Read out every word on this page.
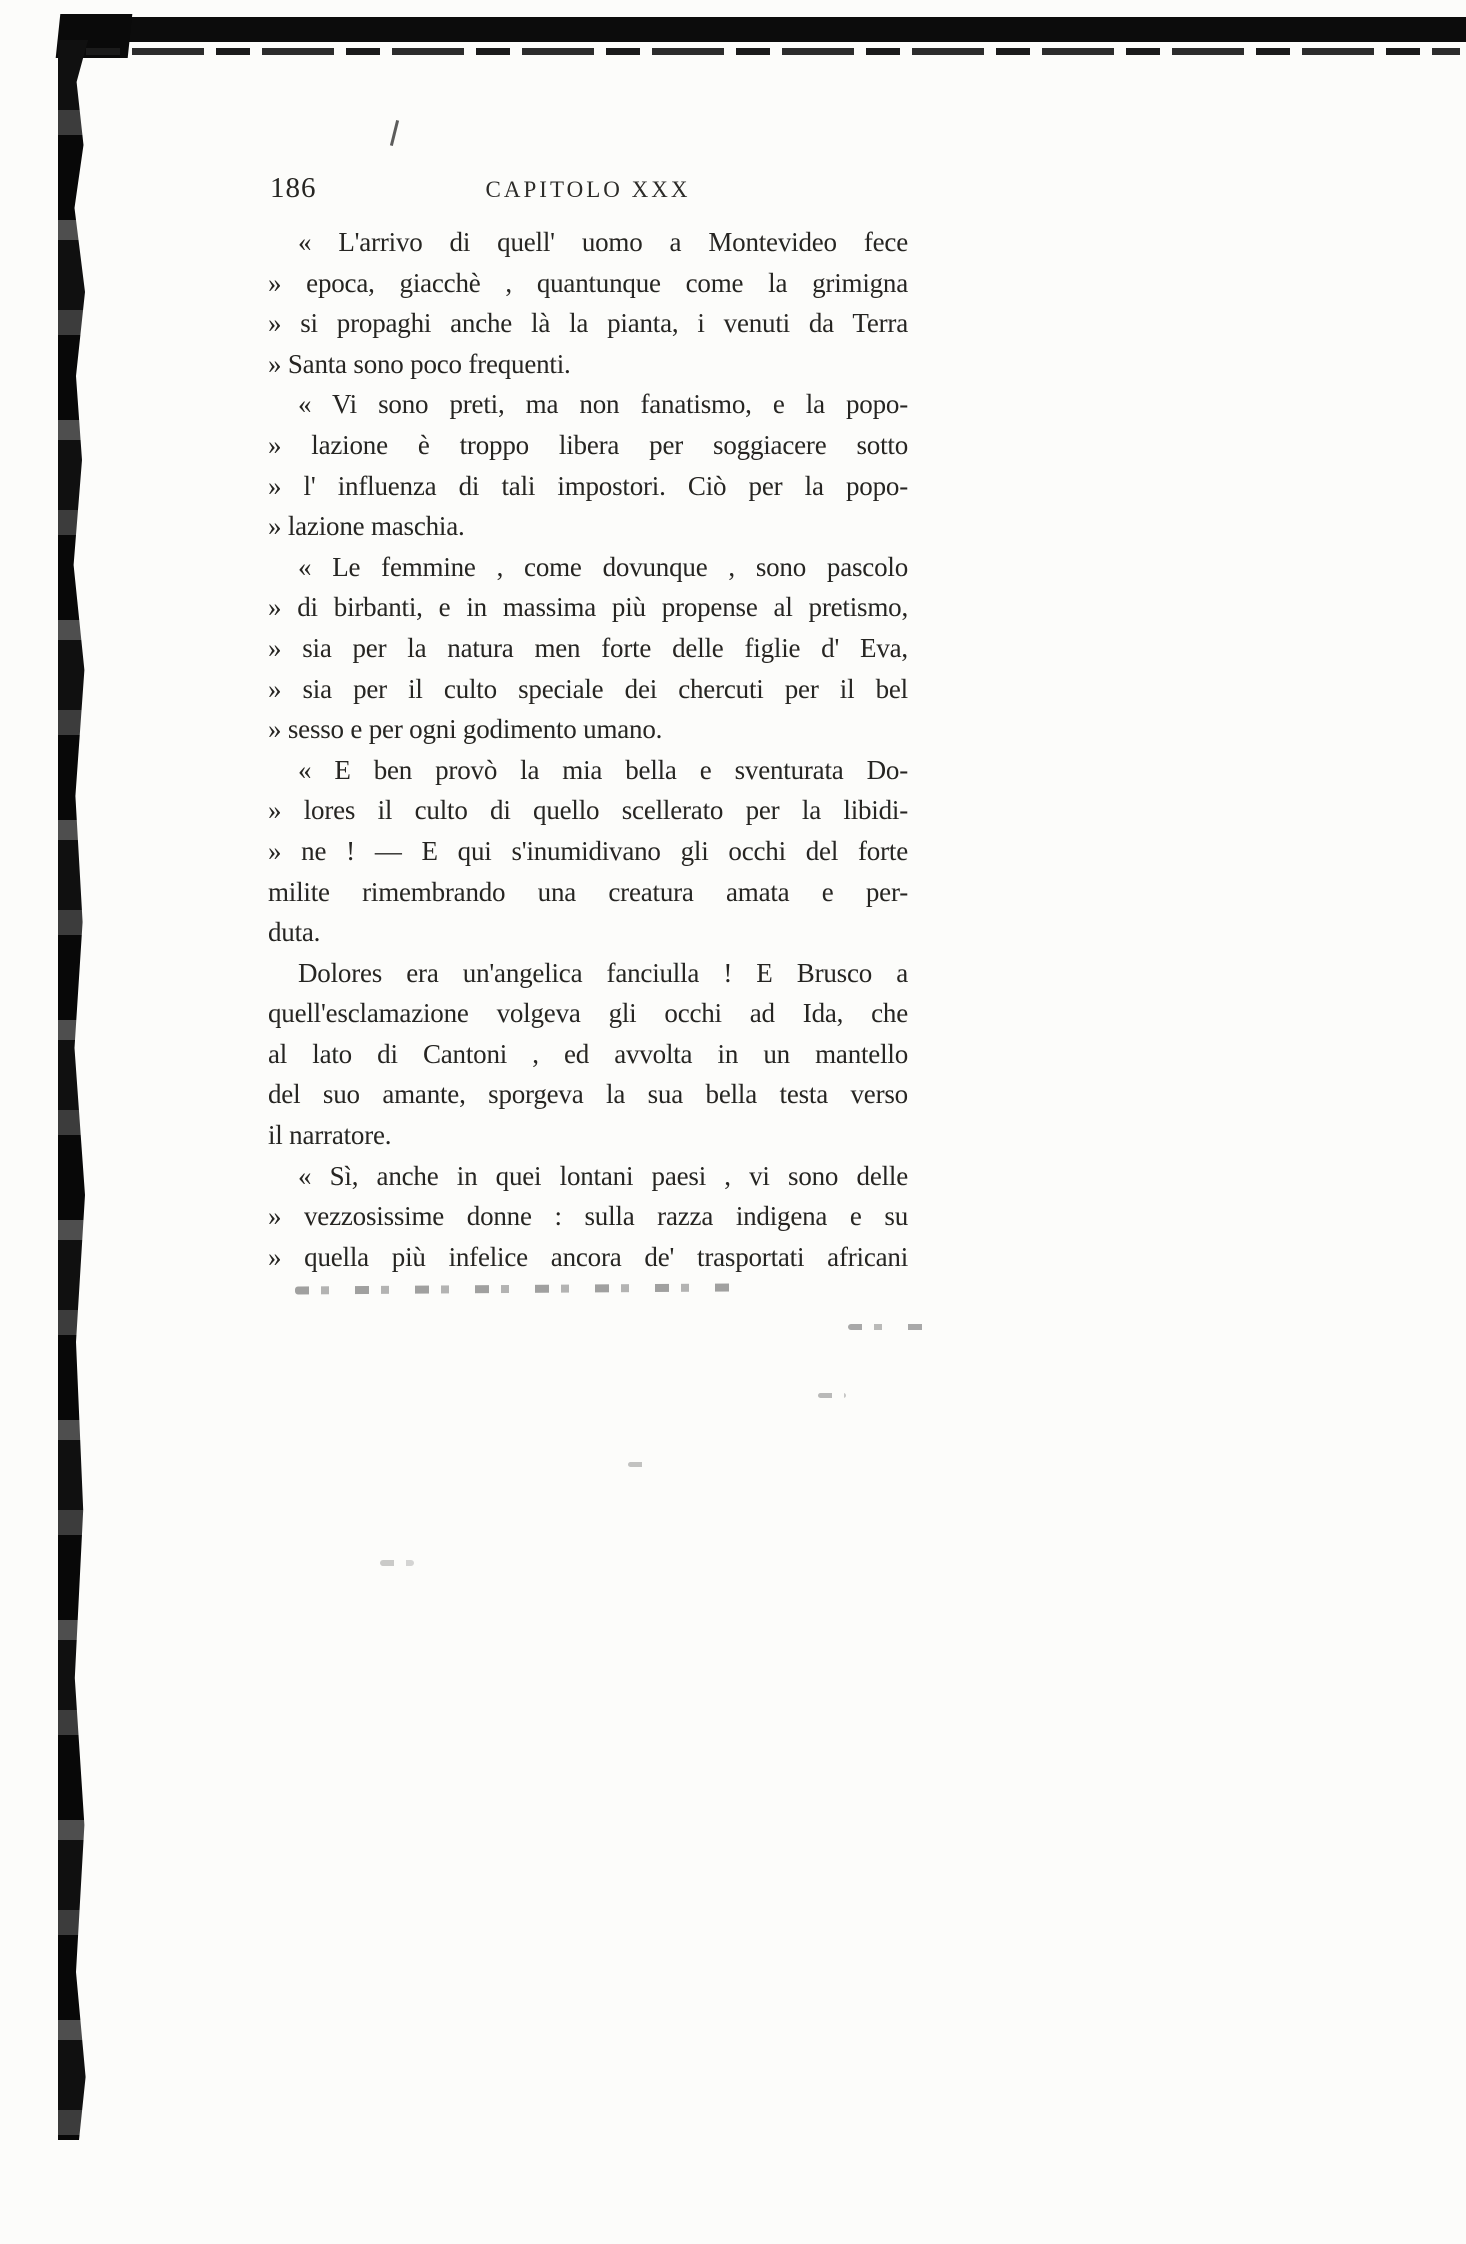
186	CAPITOLO XXX
« L'arrivo di quell' uomo a Montevideo fece
» epoca, giacchè , quantunque come la grimigna
» si propaghi anche là la pianta, i venuti da Terra
» Santa sono poco frequenti.
« Vi sono preti, ma non fanatismo, e la popo-
» lazione è troppo libera per soggiacere sotto
» l' influenza di tali impostori. Ciò per la popo-
» lazione maschia.
« Le femmine , come dovunque , sono pascolo
» di birbanti, e in massima più propense al pretismo,
» sia per la natura men forte delle figlie d' Eva,
» sia per il culto speciale dei chercuti per il bel
» sesso e per ogni godimento umano.
« E ben provò la mia bella e sventurata Do-
» lores il culto di quello scellerato per la libidi-
» ne ! — E qui s'inumidivano gli occhi del forte
milite rimembrando una creatura amata e per-
duta.
Dolores era un'angelica fanciulla ! E Brusco a
quell'esclamazione volgeva gli occhi ad Ida, che
al lato di Cantoni , ed avvolta in un mantello
del suo amante, sporgeva la sua bella testa verso
il narratore.
« Sì, anche in quei lontani paesi , vi sono delle
» vezzosissime donne : sulla razza indigena e su
» quella più infelice ancora de' trasportati africani
